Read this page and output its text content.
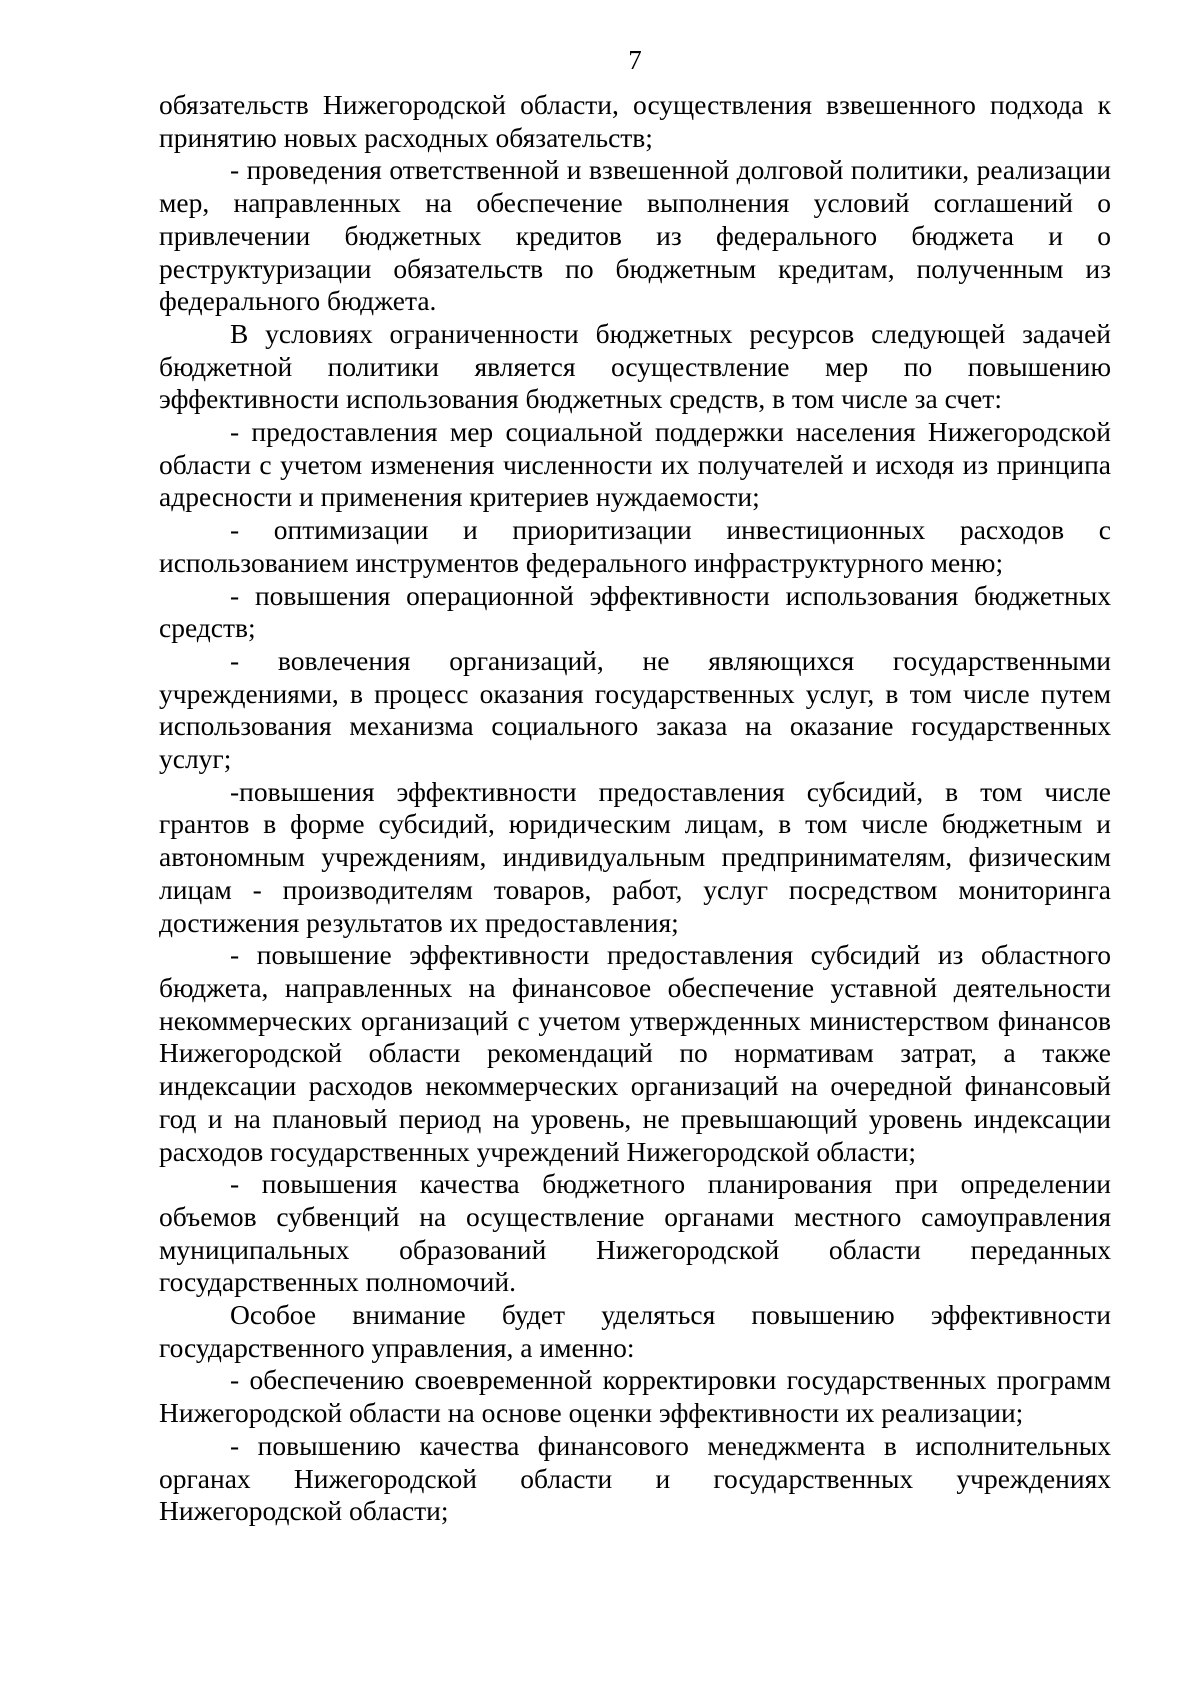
7

обязательств Нижегородской области, осуществления взвешенного подхода к принятию новых расходных обязательств;

- проведения ответственной и взвешенной долговой политики, реализации мер, направленных на обеспечение выполнения условий соглашений о привлечении бюджетных кредитов из федерального бюджета и о реструктуризации обязательств по бюджетным кредитам, полученным из федерального бюджета.

В условиях ограниченности бюджетных ресурсов следующей задачей бюджетной политики является осуществление мер по повышению эффективности использования бюджетных средств, в том числе за счет:

- предоставления мер социальной поддержки населения Нижегородской области с учетом изменения численности их получателей и исходя из принципа адресности и применения критериев нуждаемости;

- оптимизации и приоритизации инвестиционных расходов с использованием инструментов федерального инфраструктурного меню;

- повышения операционной эффективности использования бюджетных средств;

- вовлечения организаций, не являющихся государственными учреждениями, в процесс оказания государственных услуг, в том числе путем использования механизма социального заказа на оказание государственных услуг;

-повышения эффективности предоставления субсидий, в том числе грантов в форме субсидий, юридическим лицам, в том числе бюджетным и автономным учреждениям, индивидуальным предпринимателям, физическим лицам - производителям товаров, работ, услуг посредством мониторинга достижения результатов их предоставления;

- повышение эффективности предоставления субсидий из областного бюджета, направленных на финансовое обеспечение уставной деятельности некоммерческих организаций с учетом утвержденных министерством финансов Нижегородской области рекомендаций по нормативам затрат, а также индексации расходов некоммерческих организаций на очередной финансовый год и на плановый период на уровень, не превышающий уровень индексации расходов государственных учреждений Нижегородской области;

- повышения качества бюджетного планирования при определении объемов субвенций на осуществление органами местного самоуправления муниципальных образований Нижегородской области переданных государственных полномочий.

Особое внимание будет уделяться повышению эффективности государственного управления, а именно:

- обеспечению своевременной корректировки государственных программ Нижегородской области на основе оценки эффективности их реализации;

- повышению качества финансового менеджмента в исполнительных органах Нижегородской области и государственных учреждениях Нижегородской области;
